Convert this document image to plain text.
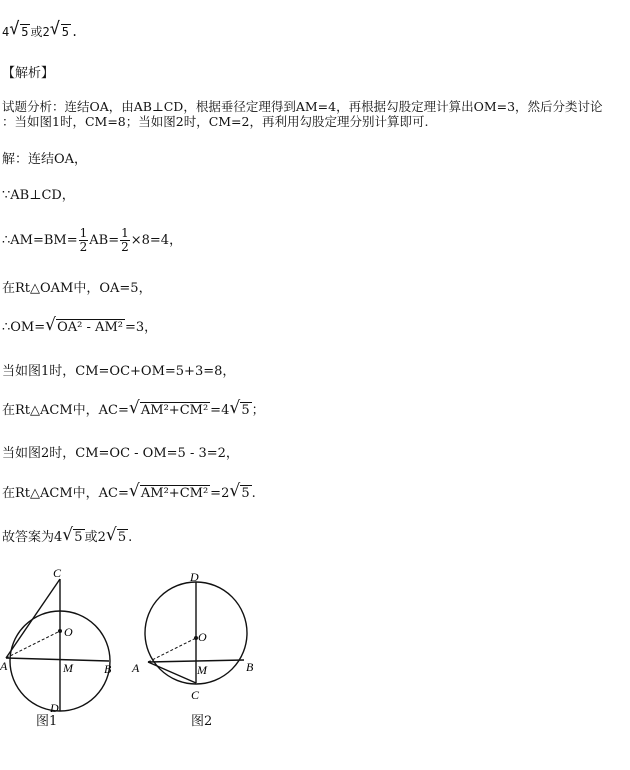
4 √ 5 或2 √ 5 .
【解析】
试题分析：连结OA，由AB⊥CD，根据垂径定理得到AM=4，再根据勾股定理计算出OM=3，然后分类讨论
：当如图1时，CM=8；当如图2时，CM=2，再利用勾股定理分别计算即可.
解：连结OA，
∵AB⊥CD，
∴AM=BM= $\frac{1}{2} AB= \frac{1}{2} \times 8=4$，
在Rt△OAM中，OA=5，
∴OM= √ OA² - AM² =3，
当如图1时，CM=OC+OM=5+3=8，
在Rt△ACM中，AC= √ AM²+CM² =4 √ 5 ；
当如图2时，CM=OC - OM=5 - 3=2，
在Rt△ACM中，AC= √ AM²+CM² =2 √ 5 .
故答案为4 √ 5 或2 √ 5 .
C
O
A	M	B
D
图1
D
O
A	M	B
C
图2
